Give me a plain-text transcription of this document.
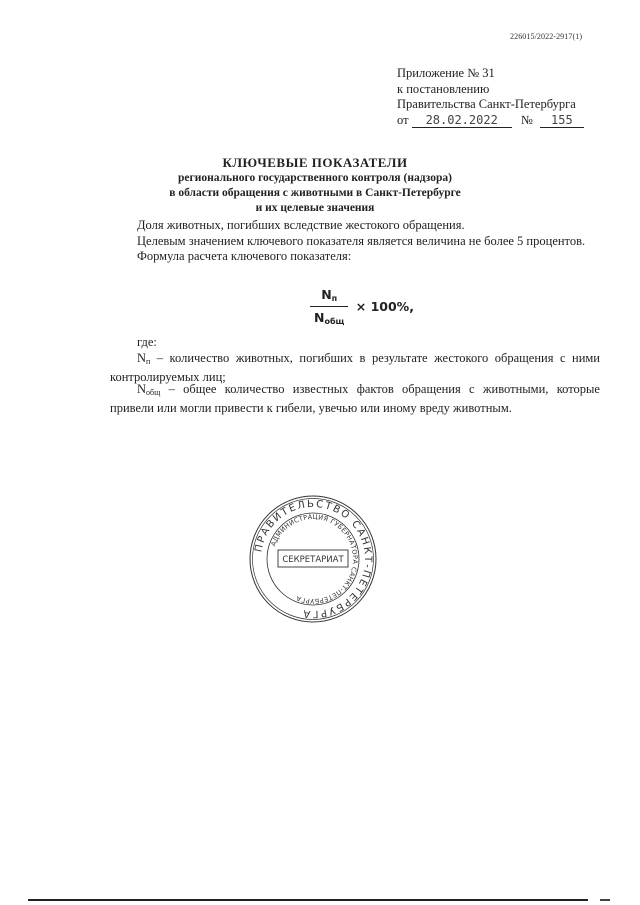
226015/2022-2917(1)
Приложение № 31
к постановлению
Правительства Санкт-Петербурга
от 28.02.2022 № 155
КЛЮЧЕВЫЕ ПОКАЗАТЕЛИ
регионального государственного контроля (надзора)
в области обращения с животными в Санкт-Петербурге
и их целевые значения
Доля животных, погибших вследствие жестокого обращения.
Целевым значением ключевого показателя является величина не более 5 процентов.
Формула расчета ключевого показателя:
$\frac{N_п}{N_{общ}} \times 100\%$,
где:
$N_п$ – количество животных, погибших в результате жестокого обращения с ними контролируемых лиц;
$N_{общ}$ – общее количество известных фактов обращения с животными, которые привели или могли привести к гибели, увечью или иному вреду животным.
ПРАВИТЕЛЬСТВО САНКТ-ПЕТЕРБУРГА
АДМИНИСТРАЦИЯ ГУБЕРНАТОРА САНКТ-ПЕТЕРБУРГА
СЕКРЕТАРИАТ
